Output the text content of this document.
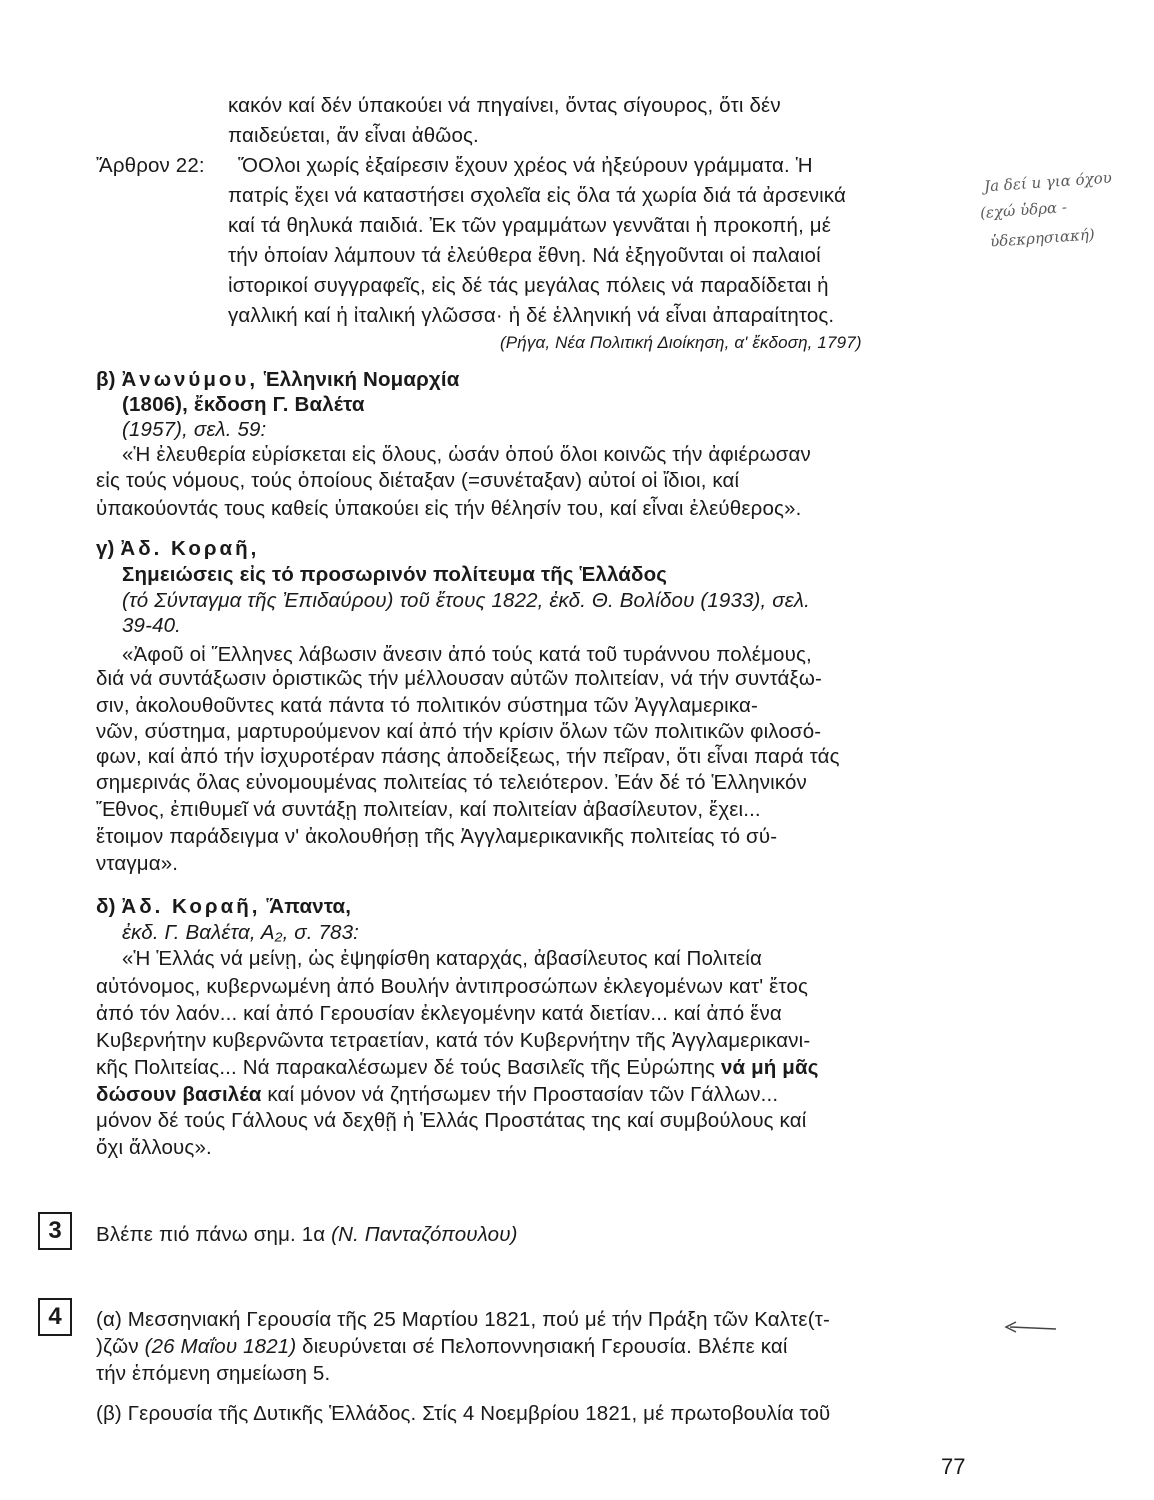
κακόν καί δέν ύπακούει νά πηγαίνει, ὄντας σίγουρος, ὅτι δέν
παιδεύεται, ἄν εἶναι ἀθῶος.
Ἄρθρον 22: ὍΟλοι χωρίς ἐξαίρεσιν ἔχουν χρέος νά ἠξεύρουν γράμματα. Ἡ
πατρίς ἔχει νά καταστήσει σχολεῖα εἰς ὅλα τά χωρία διά τά ἀρσενικά
καί τά θηλυκά παιδιά. Ἐκ τῶν γραμμάτων γεννᾶται ἡ προκοπή, μέ
τήν ὁποίαν λάμπουν τά ἐλεύθερα ἔθνη. Νά ἐξηγοῦνται οἱ παλαιοί
ἱστορικοί συγγραφεῖς, εἰς δέ τάς μεγάλας πόλεις νά παραδίδεται ἡ
γαλλική καί ἡ ἰταλική γλῶσσα· ἡ δέ ἑλληνική νά εἶναι ἀπαραίτητος.
(Ρήγα, Νέα Πολιτική Διοίκηση, α' ἔκδοση, 1797)
Ja δεί u για όχου
(εχώ ὑδρα -
ὑδεκρησιακή)
β) Ἀνωνύμου, Ἑλληνική Νομαρχία
(1806), ἔκδοση Γ. Βαλέτα
(1957), σελ. 59:
«Ἡ ἐλευθερία εὑρίσκεται εἰς ὅλους, ὡσάν ὁπού ὅλοι κοινῶς τήν ἀφιέρωσαν
εἰς τούς νόμους, τούς ὁποίους διέταξαν (=συνέταξαν) αὐτοί οἱ ἴδιοι, καί
ὑπακούοντάς τους καθείς ὑπακούει εἰς τήν θέλησίν του, καί εἶναι ἐλεύθερος».
γ) Ἀδ. Κοραῆ,
Σημειώσεις εἰς τό προσωρινόν πολίτευμα τῆς Ἑλλάδος
(τό Σύνταγμα τῆς Ἐπιδαύρου) τοῦ ἔτους 1822, ἐκδ. Θ. Βολίδου (1933), σελ.
39-40.
«Ἀφοῦ οἱ Ἕλληνες λάβωσιν ἄνεσιν ἀπό τούς κατά τοῦ τυράννου πολέμους,
διά νά συντάξωσιν ὁριστικῶς τήν μέλλουσαν αὐτῶν πολιτείαν, νά τήν συντάξω-
σιν, ἀκολουθοῦντες κατά πάντα τό πολιτικόν σύστημα τῶν Ἀγγλαμερικα-
νῶν, σύστημα, μαρτυρούμενον καί ἀπό τήν κρίσιν ὅλων τῶν πολιτικῶν φιλοσό-
φων, καί ἀπό τήν ἰσχυροτέραν πάσης ἀποδείξεως, τήν πεῖραν, ὅτι εἶναι παρά τάς
σημερινάς ὅλας εὐνομουμένας πολιτείας τό τελειότερον. Ἐάν δέ τό Ἑλληνικόν
Ἔθνος, ἐπιθυμεῖ νά συντάξῃ πολιτείαν, καί πολιτείαν ἀβασίλευτον, ἔχει...
ἕτοιμον παράδειγμα ν' ἀκολουθήσῃ τῆς Ἀγγλαμερικανικῆς πολιτείας τό σύ-
νταγμα».
δ) Ἀδ. Κοραῆ, Ἅπαντα,
ἐκδ. Γ. Βαλέτα, Α₂, σ. 783:
«Ἡ Ἑλλάς νά μείνῃ, ὡς ἐψηφίσθη καταρχάς, ἀβασίλευτος καί Πολιτεία
αὐτόνομος, κυβερνωμένη ἀπό Βουλήν ἀντιπροσώπων ἐκλεγομένων κατ' ἔτος
ἀπό τόν λαόν... καί ἀπό Γερουσίαν ἐκλεγομένην κατά διετίαν... καί ἀπό ἕνα
Κυβερνήτην κυβερνῶντα τετραετίαν, κατά τόν Κυβερνήτην τῆς Ἀγγλαμερικανι-
κῆς Πολιτείας... Νά παρακαλέσωμεν δέ τούς Βασιλεῖς τῆς Εὐρώπης νά μή μᾶς
δώσουν βασιλέα καί μόνον νά ζητήσωμεν τήν Προστασίαν τῶν Γάλλων...
μόνον δέ τούς Γάλλους νά δεχθῇ ἡ Ἑλλάς Προστάτας της καί συμβούλους καί
ὄχι ἄλλους».
3	Βλέπε πιό πάνω σημ. 1α (Ν. Πανταζόπουλου)
4	(α) Μεσσηνιακή Γερουσία τῆς 25 Μαρτίου 1821, πού μέ τήν Πράξη τῶν Καλτε(τ-
)ζῶν (26 Μαΐου 1821) διευρύνεται σέ Πελοποννησιακή Γερουσία. Βλέπε καί
τήν ἑπόμενη σημείωση 5.
(β) Γερουσία τῆς Δυτικῆς Ἑλλάδος. Στίς 4 Νοεμβρίου 1821, μέ πρωτοβουλία τοῦ
77
